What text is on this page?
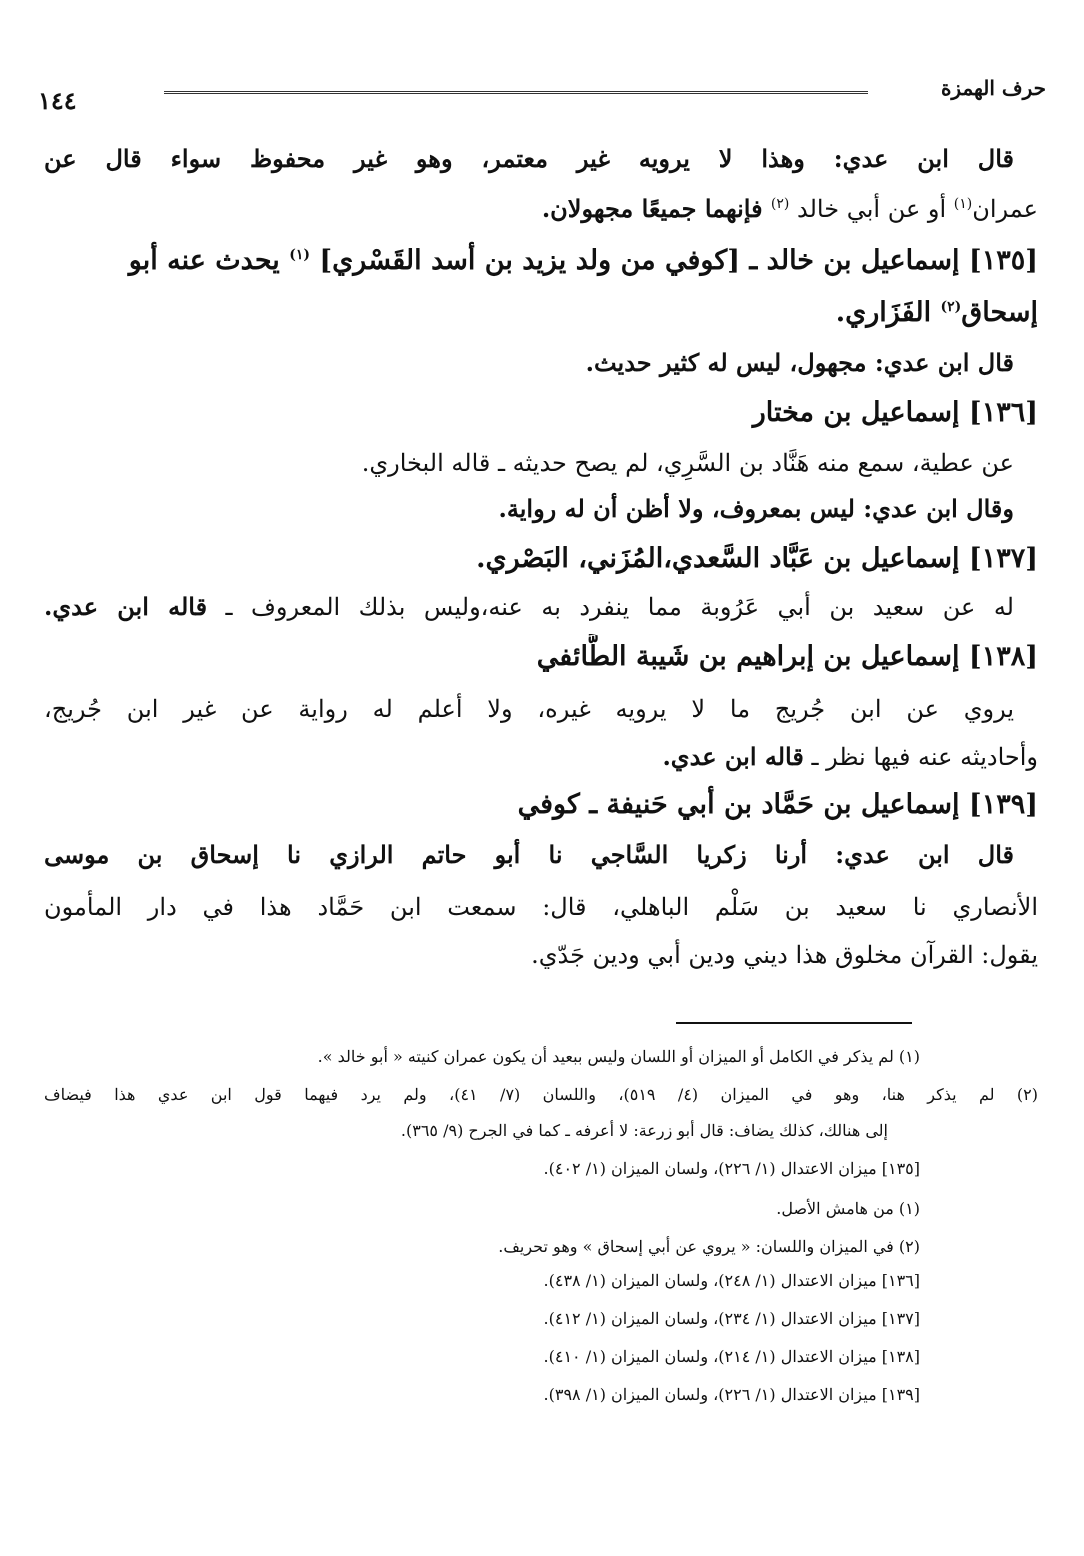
حرف الهمزة
١٤٤
قال ابن عدي: وهذا لا يرويه غير معتمر، وهو غير محفوظ سواء قال عن
عمران$^{(١)}$ أو عن أبي خالد $^{(٢)}$ فإنهما جميعًا مجهولان.
[١٣٥] إسماعيل بن خالد ـ [كوفي من ولد يزيد بن أسد القَسْري] $^{(١)}$ يحدث عنه أبو
إسحاق$^{(٢)}$ الفَزَاري.
قال ابن عدي: مجهول، ليس له كثير حديث.
[١٣٦] إسماعيل بن مختار
عن عطية، سمع منه هَنَّاد بن السَّرِي، لم يصح حديثه ـ قاله البخاري.
وقال ابن عدي: ليس بمعروف، ولا أظن أن له رواية.
[١٣٧] إسماعيل بن عَبَّاد السَّعدي،المُزَني، البَصْري.
له عن سعيد بن أبي عَرُوبة مما ينفرد به عنه،وليس بذلك المعروف ـ قاله ابن عدي.
[١٣٨] إسماعيل بن إبراهيم بن شَيبة الطَّائفي
يروي عن ابن جُريج ما لا يرويه غيره، ولا أعلم له رواية عن غير ابن جُريج،
وأحاديثه عنه فيها نظر ـ قاله ابن عدي.
[١٣٩] إسماعيل بن حَمَّاد بن أبي حَنيفة ـ كوفي
قال ابن عدي: أرنا زكريا السَّاجي نا أبو حاتم الرازي نا إسحاق بن موسى
الأنصاري نا سعيد بن سَلْم الباهلي، قال: سمعت ابن حَمَّاد هذا في دار المأمون
يقول: القرآن مخلوق هذا ديني ودين أبي ودين جَدّي.
(١) لم يذكر في الكامل أو الميزان أو اللسان وليس ببعيد أن يكون عمران كنيته « أبو خالد ».
(٢) لم يذكر هنا، وهو في الميزان (٤/ ٥١٩)، واللسان (٧/ ٤١)، ولم يرد فيهما قول ابن عدي هذا فيضاف
إلى هنالك، كذلك يضاف: قال أبو زرعة: لا أعرفه ـ كما في الجرح (٩/ ٣٦٥).
[١٣٥] ميزان الاعتدال (١/ ٢٢٦)، ولسان الميزان (١/ ٤٠٢).
(١) من هامش الأصل.
(٢) في الميزان واللسان: « يروي عن أبي إسحاق » وهو تحريف.
[١٣٦] ميزان الاعتدال (١/ ٢٤٨)، ولسان الميزان (١/ ٤٣٨).
[١٣٧] ميزان الاعتدال (١/ ٢٣٤)، ولسان الميزان (١/ ٤١٢).
[١٣٨] ميزان الاعتدال (١/ ٢١٤)، ولسان الميزان (١/ ٤١٠).
[١٣٩] ميزان الاعتدال (١/ ٢٢٦)، ولسان الميزان (١/ ٣٩٨).
